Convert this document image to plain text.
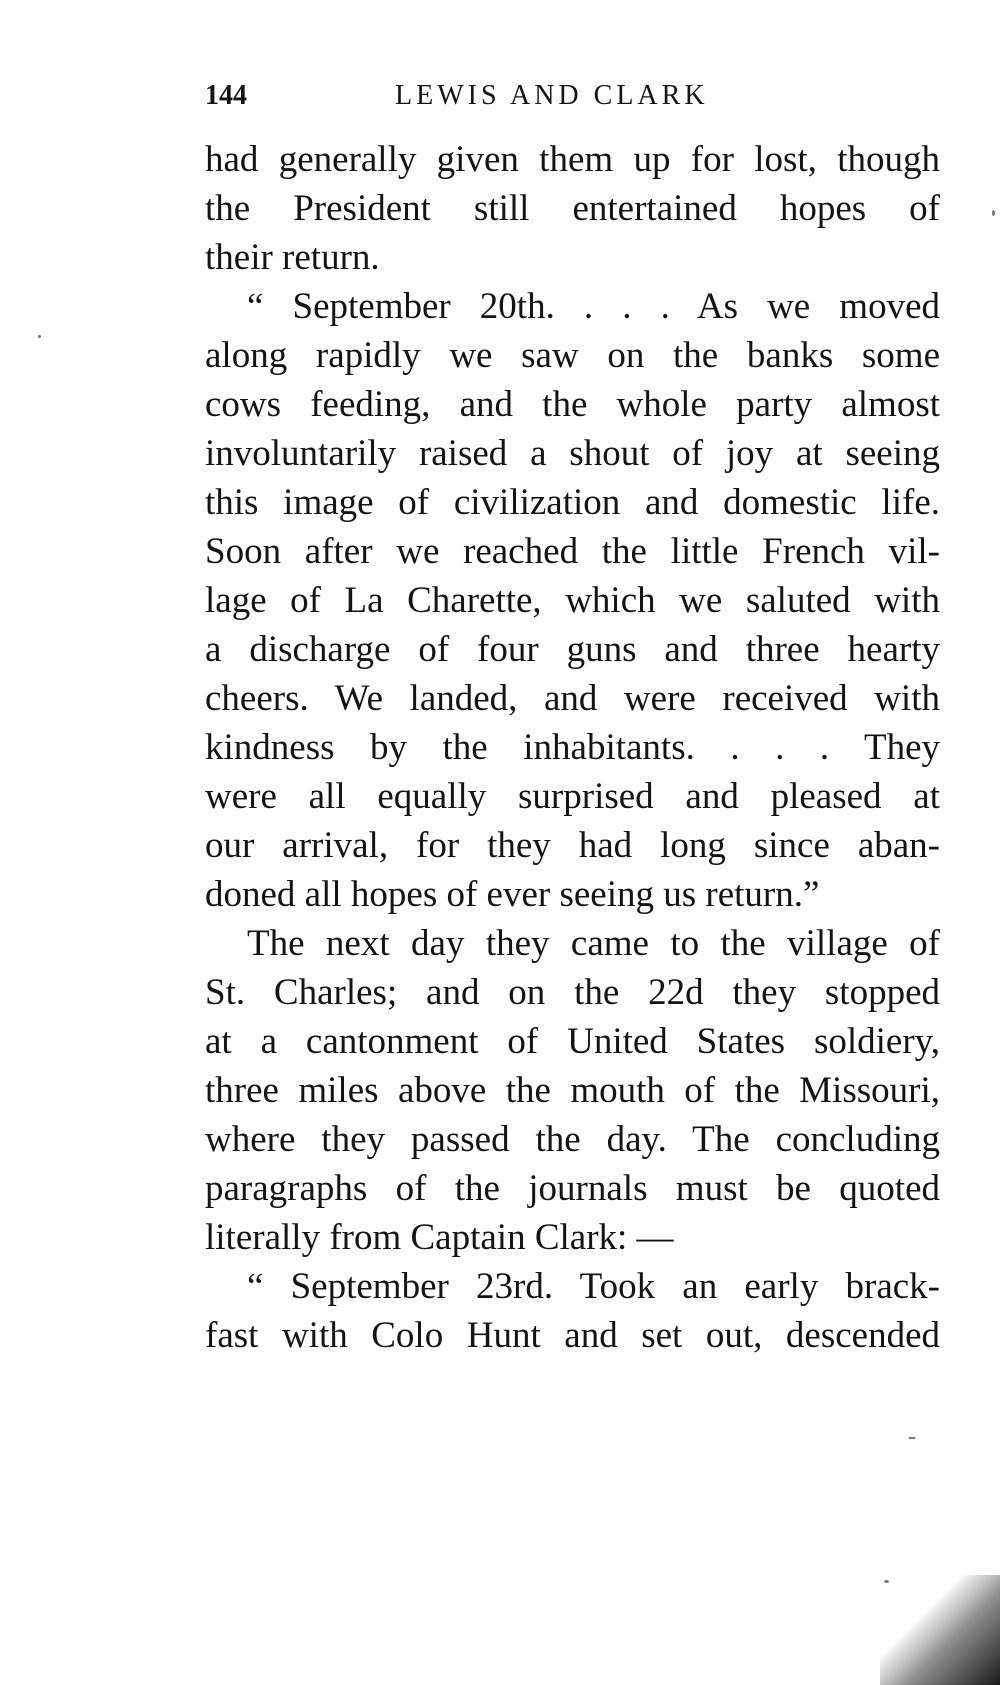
144	LEWIS AND CLARK

had generally given them up for lost, though
the President still entertained hopes of
their return.

“ September 20th. . . . As we moved
along rapidly we saw on the banks some
cows feeding, and the whole party almost
involuntarily raised a shout of joy at seeing
this image of civilization and domestic life.
Soon after we reached the little French vil-
lage of La Charette, which we saluted with
a discharge of four guns and three hearty
cheers. We landed, and were received with
kindness by the inhabitants. . . . They
were all equally surprised and pleased at
our arrival, for they had long since aban-
doned all hopes of ever seeing us return.”

The next day they came to the village of
St. Charles; and on the 22d they stopped
at a cantonment of United States soldiery,
three miles above the mouth of the Missouri,
where they passed the day. The concluding
paragraphs of the journals must be quoted
literally from Captain Clark: —

“ September 23rd. Took an early brack-
fast with Colo Hunt and set out, descended
